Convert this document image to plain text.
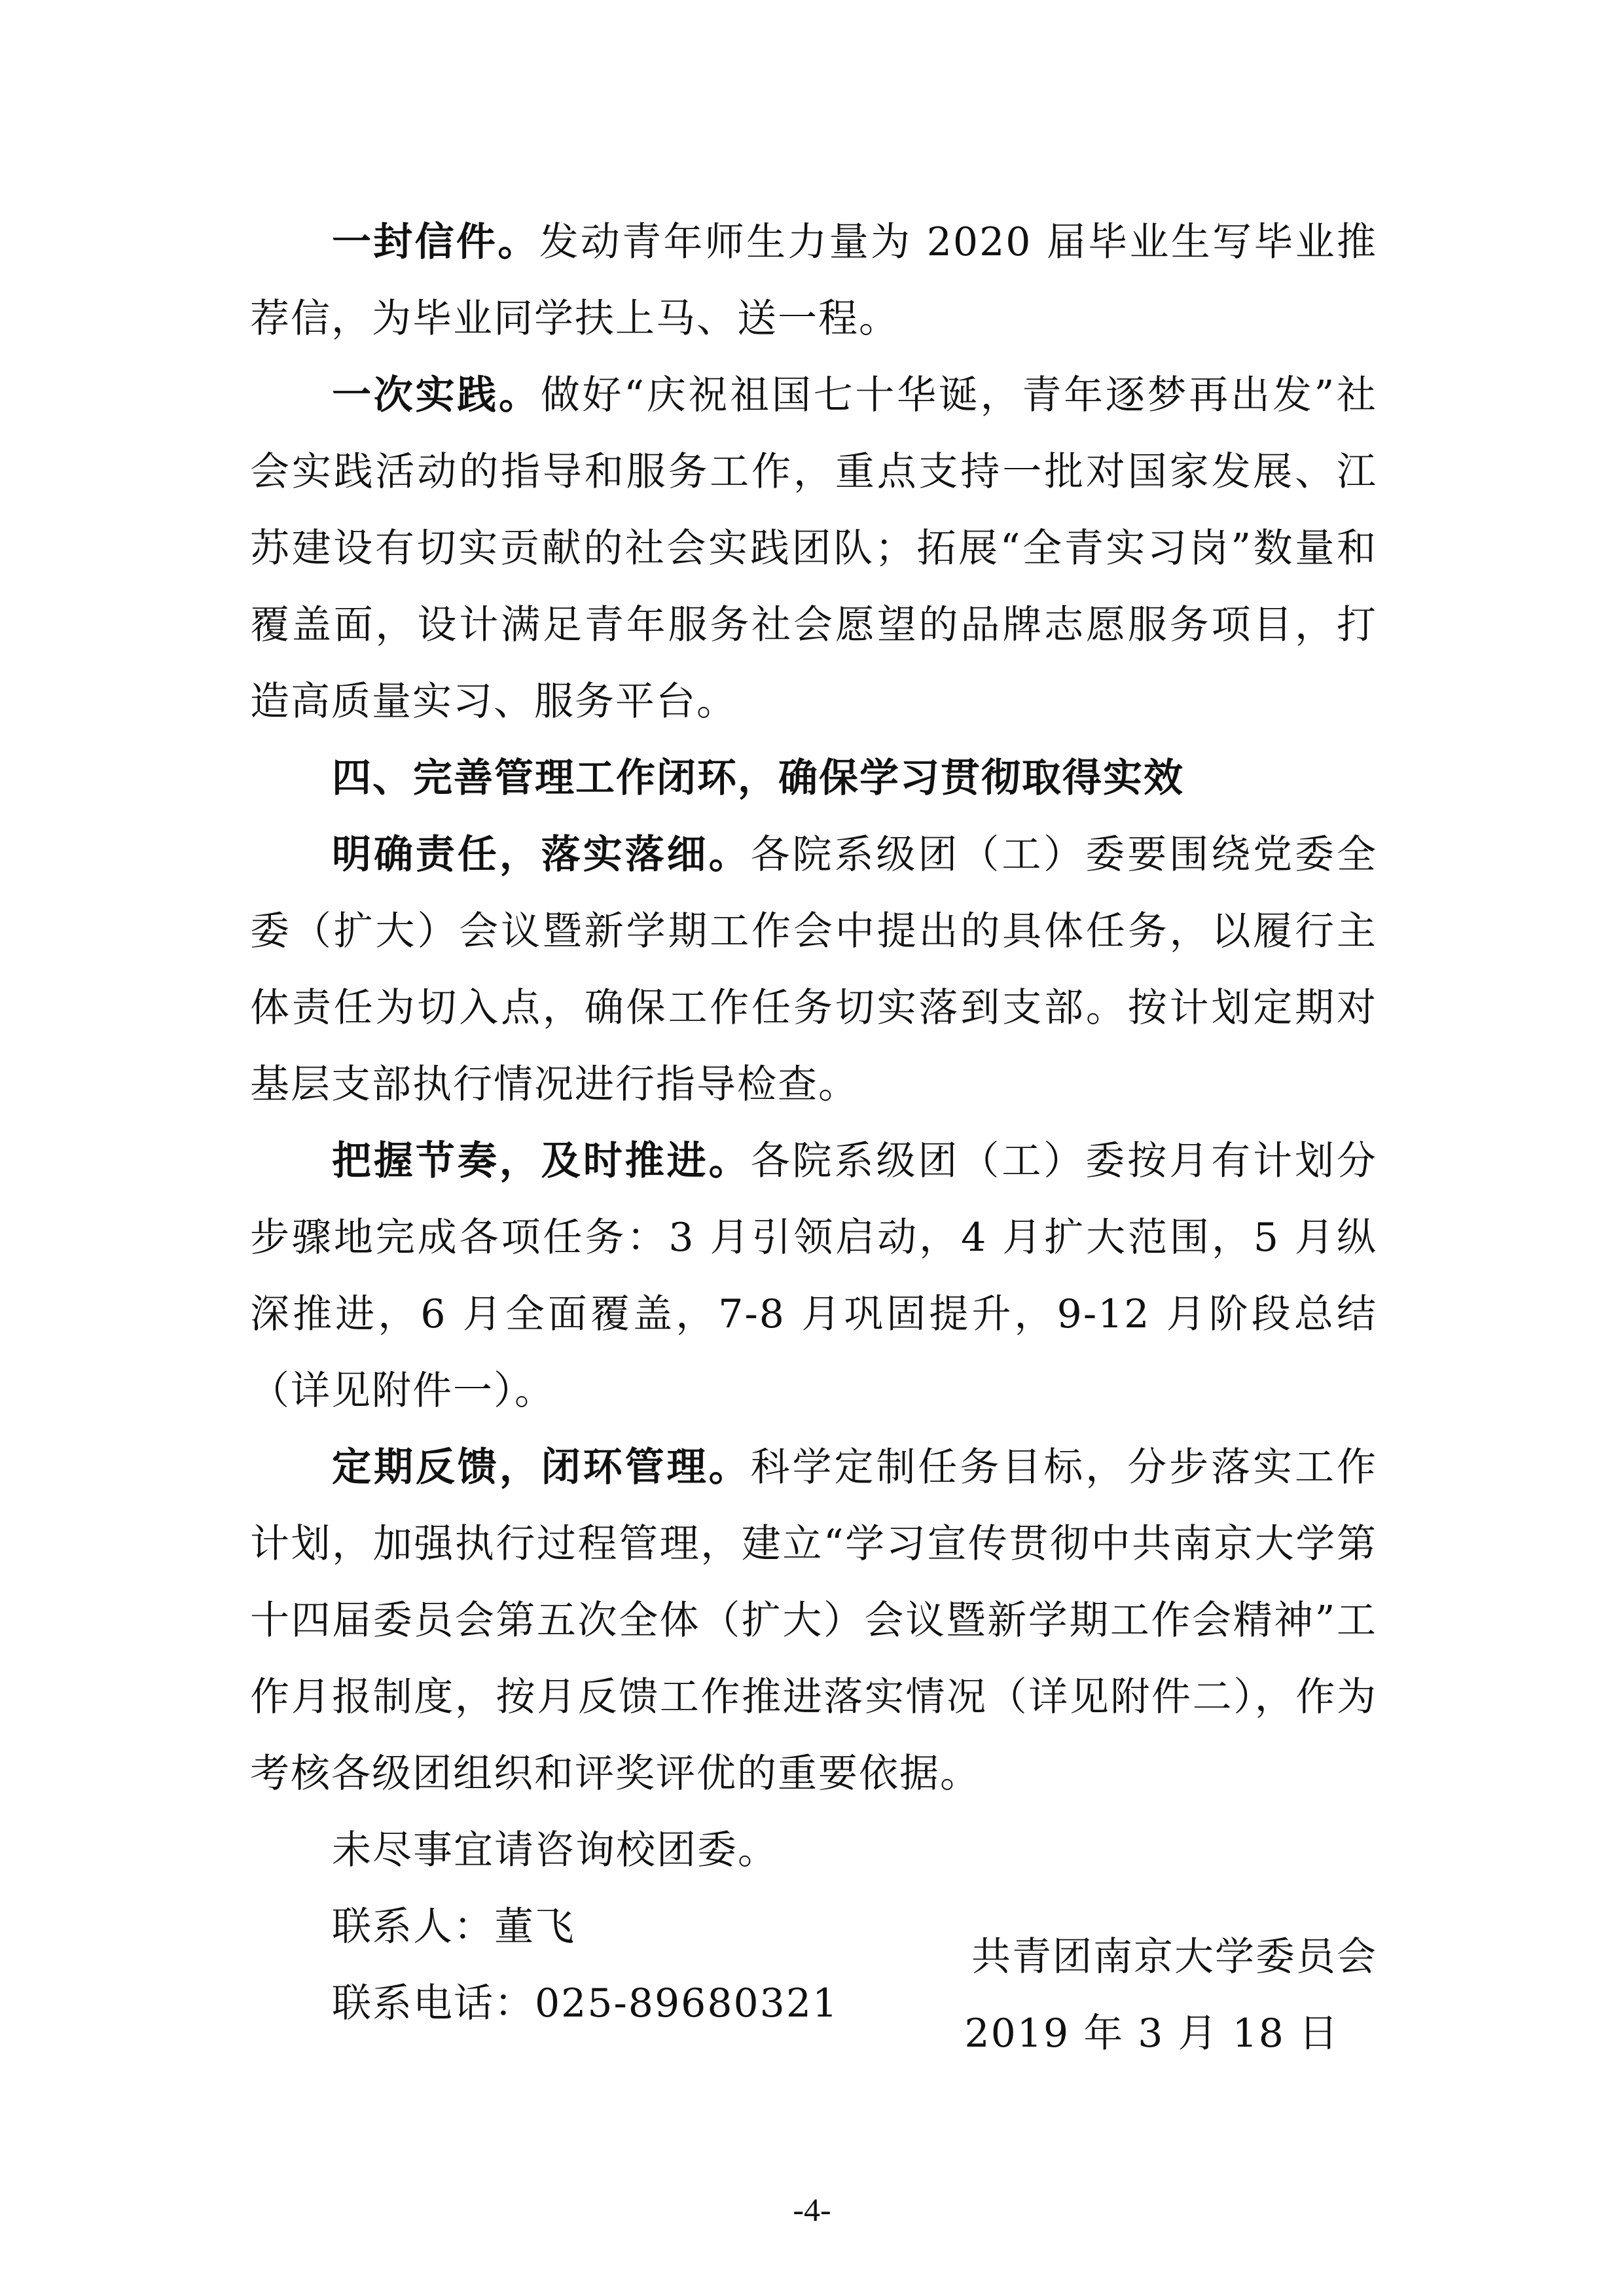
一封信件。发动青年师生力量为 2020 届毕业生写毕业推荐信，为毕业同学扶上马、送一程。

一次实践。做好“庆祝祖国七十华诞，青年逐梦再出发”社会实践活动的指导和服务工作，重点支持一批对国家发展、江苏建设有切实贡献的社会实践团队；拓展“全青实习岗”数量和覆盖面，设计满足青年服务社会愿望的品牌志愿服务项目，打造高质量实习、服务平台。

四、完善管理工作闭环，确保学习贯彻取得实效

明确责任，落实落细。各院系级团（工）委要围绕党委全委（扩大）会议暨新学期工作会中提出的具体任务，以履行主体责任为切入点，确保工作任务切实落到支部。按计划定期对基层支部执行情况进行指导检查。

把握节奏，及时推进。各院系级团（工）委按月有计划分步骤地完成各项任务：3 月引领启动，4 月扩大范围，5 月纵深推进，6 月全面覆盖，7-8 月巩固提升，9-12 月阶段总结（详见附件一）。

定期反馈，闭环管理。科学定制任务目标，分步落实工作计划，加强执行过程管理，建立“学习宣传贯彻中共南京大学第十四届委员会第五次全体（扩大）会议暨新学期工作会精神”工作月报制度，按月反馈工作推进落实情况（详见附件二），作为考核各级团组织和评奖评优的重要依据。

未尽事宜请咨询校团委。

联系人：董飞

联系电话：025-89680321

共青团南京大学委员会
2019 年 3 月 18 日
-4-
